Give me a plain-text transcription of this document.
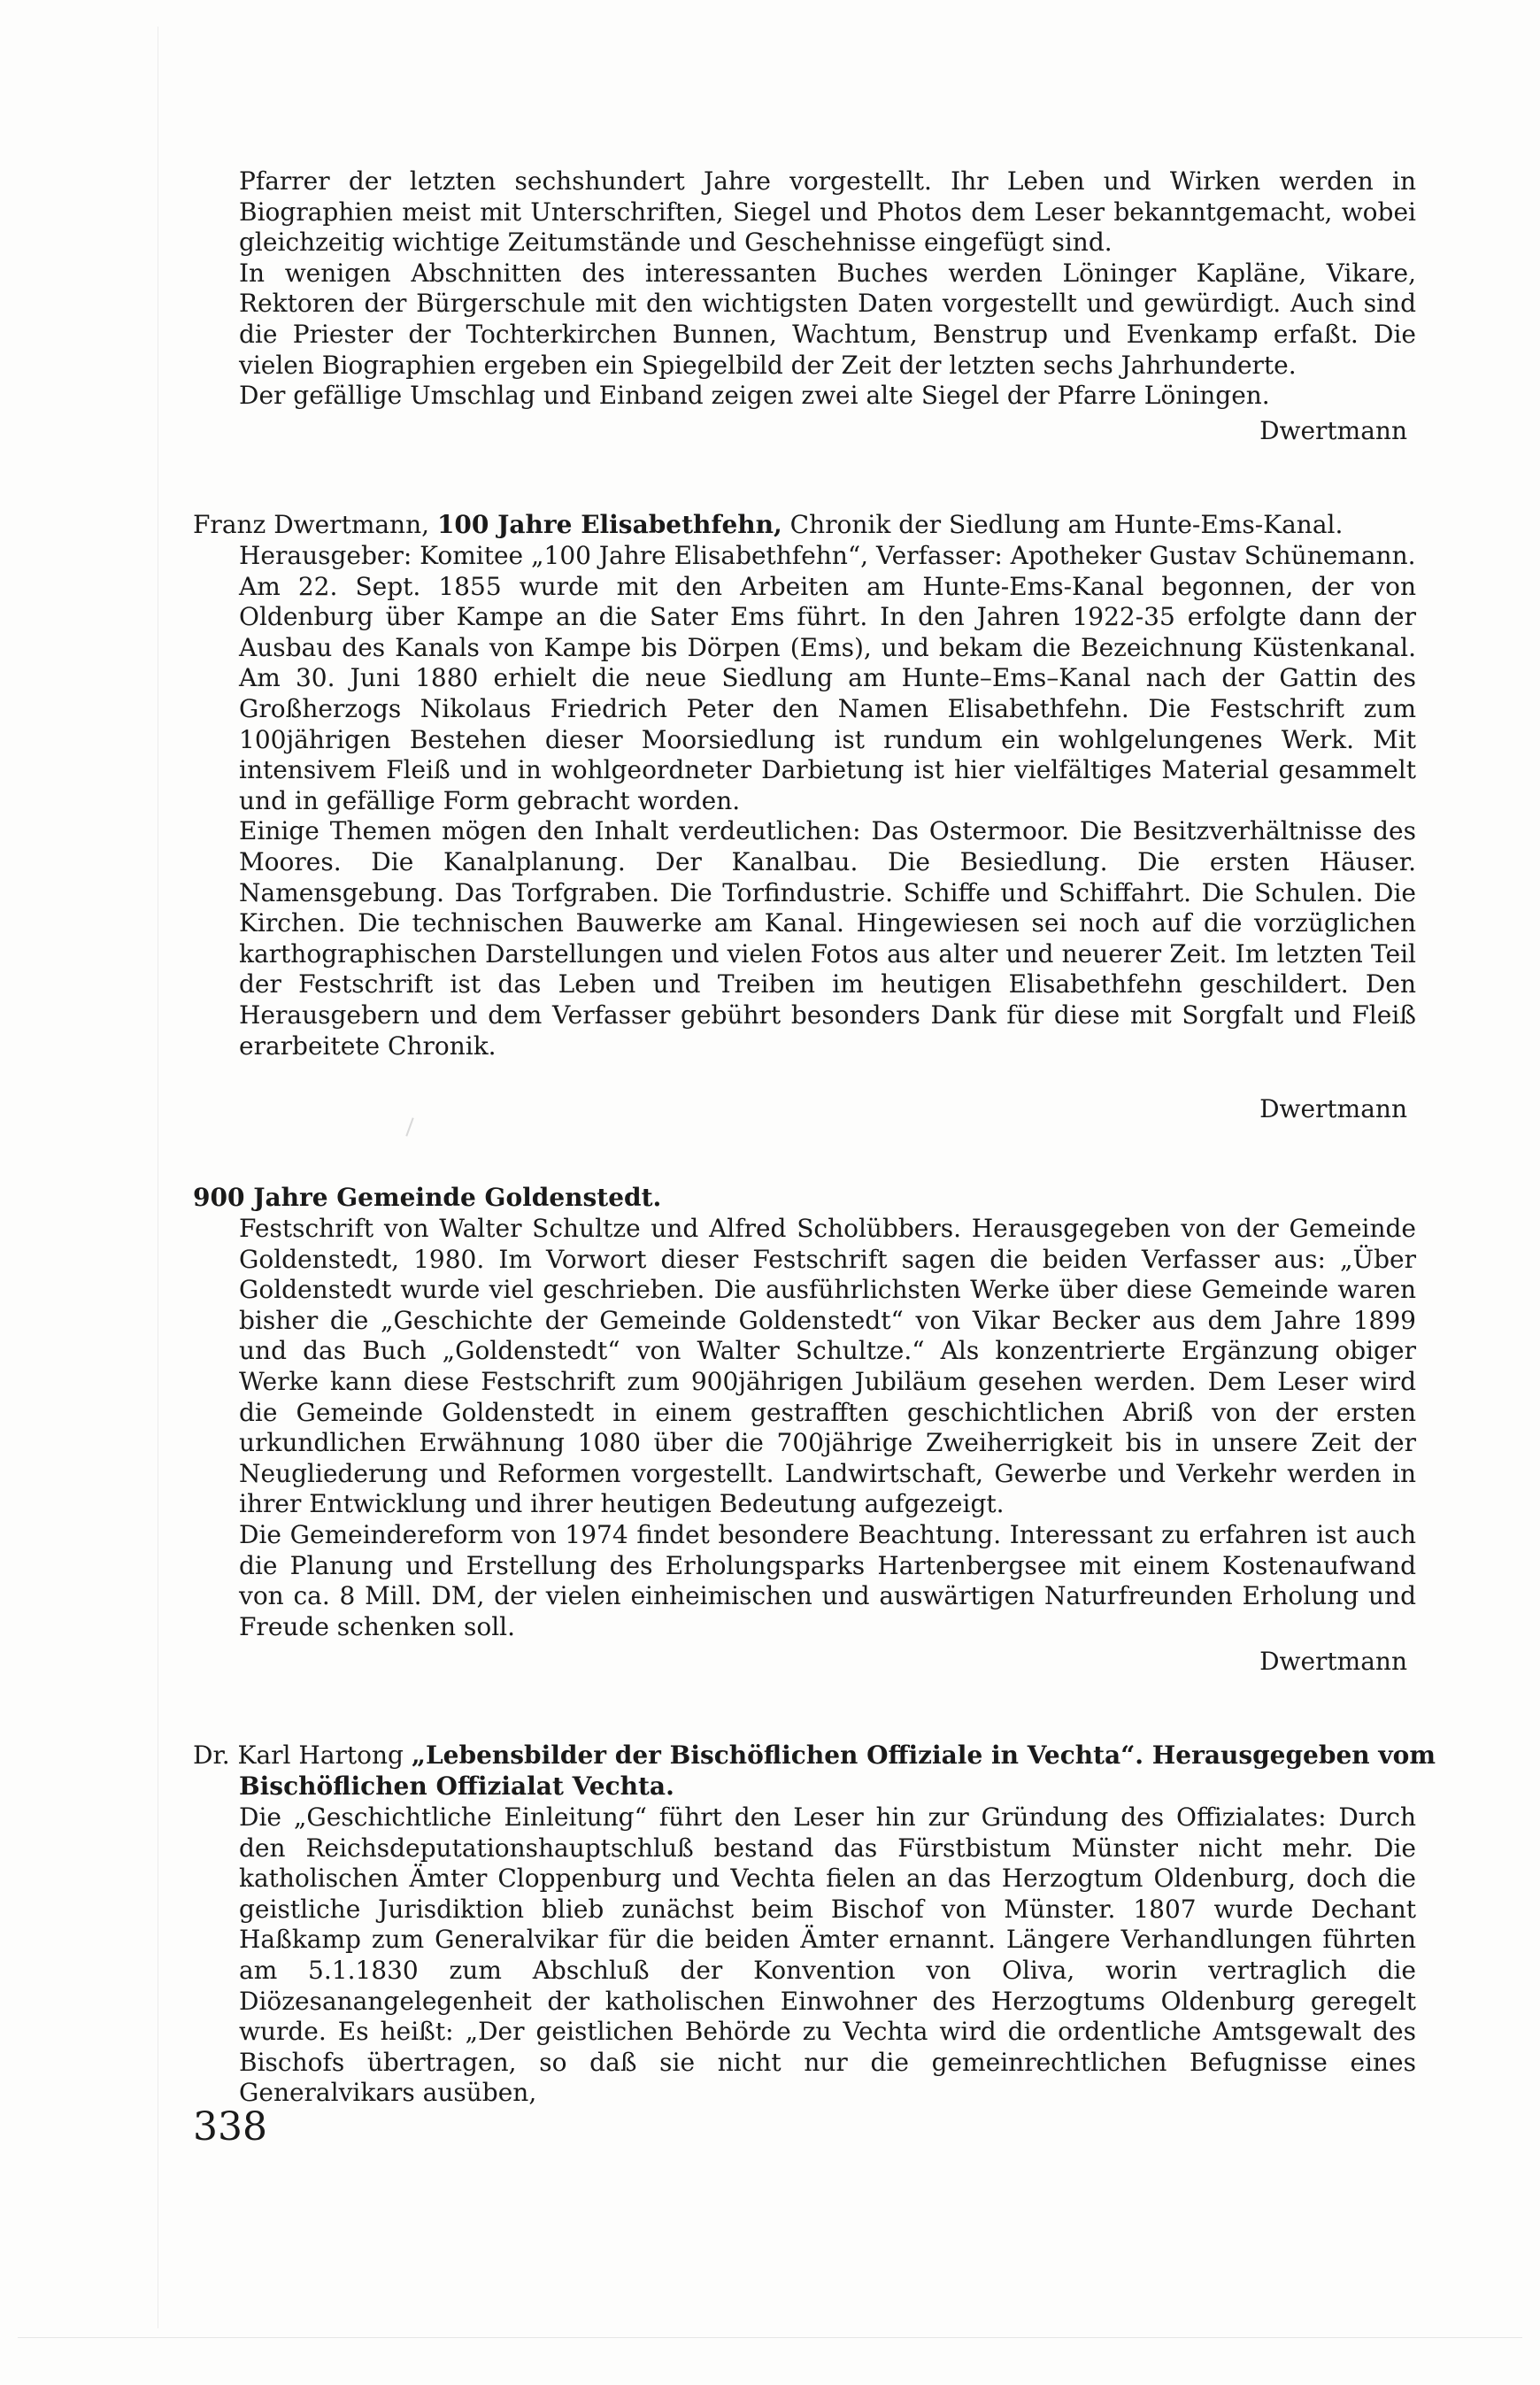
Pfarrer der letzten sechshundert Jahre vorgestellt. Ihr Leben und Wirken werden in Biographien meist mit Unterschriften, Siegel und Photos dem Leser bekanntgemacht, wobei gleichzeitig wichtige Zeitumstände und Geschehnisse eingefügt sind.

In wenigen Abschnitten des interessanten Buches werden Löninger Kapläne, Vikare, Rektoren der Bürgerschule mit den wichtigsten Daten vorgestellt und gewürdigt. Auch sind die Priester der Tochterkirchen Bunnen, Wachtum, Benstrup und Evenkamp erfaßt. Die vielen Biographien ergeben ein Spiegelbild der Zeit der letzten sechs Jahrhunderte.

Der gefällige Umschlag und Einband zeigen zwei alte Siegel der Pfarre Löningen.

Dwertmann

Franz Dwertmann, 100 Jahre Elisabethfehn, Chronik der Siedlung am Hunte-Ems-Kanal.

Herausgeber: Komitee „100 Jahre Elisabethfehn“, Verfasser: Apotheker Gustav Schünemann.

Am 22. Sept. 1855 wurde mit den Arbeiten am Hunte-Ems-Kanal begonnen, der von Oldenburg über Kampe an die Sater Ems führt. In den Jahren 1922-35 erfolgte dann der Ausbau des Kanals von Kampe bis Dörpen (Ems), und bekam die Bezeichnung Küstenkanal. Am 30. Juni 1880 erhielt die neue Siedlung am Hunte–Ems–Kanal nach der Gattin des Großherzogs Nikolaus Friedrich Peter den Namen Elisabethfehn. Die Festschrift zum 100jährigen Bestehen dieser Moorsiedlung ist rundum ein wohlgelungenes Werk. Mit intensivem Fleiß und in wohlgeordneter Darbietung ist hier vielfältiges Material gesammelt und in gefällige Form gebracht worden.

Einige Themen mögen den Inhalt verdeutlichen: Das Ostermoor. Die Besitzverhältnisse des Moores. Die Kanalplanung. Der Kanalbau. Die Besiedlung. Die ersten Häuser. Namensgebung. Das Torfgraben. Die Torfindustrie. Schiffe und Schiffahrt. Die Schulen. Die Kirchen. Die technischen Bauwerke am Kanal. Hingewiesen sei noch auf die vorzüglichen karthographischen Darstellungen und vielen Fotos aus alter und neuerer Zeit. Im letzten Teil der Festschrift ist das Leben und Treiben im heutigen Elisabethfehn geschildert. Den Herausgebern und dem Verfasser gebührt besonders Dank für diese mit Sorgfalt und Fleiß erarbeitete Chronik.

Dwertmann

900 Jahre Gemeinde Goldenstedt.

Festschrift von Walter Schultze und Alfred Scholübbers. Herausgegeben von der Gemeinde Goldenstedt, 1980. Im Vorwort dieser Festschrift sagen die beiden Verfasser aus: „Über Goldenstedt wurde viel geschrieben. Die ausführlichsten Werke über diese Gemeinde waren bisher die „Geschichte der Gemeinde Goldenstedt“ von Vikar Becker aus dem Jahre 1899 und das Buch „Goldenstedt“ von Walter Schultze.“ Als konzentrierte Ergänzung obiger Werke kann diese Festschrift zum 900jährigen Jubiläum gesehen werden. Dem Leser wird die Gemeinde Goldenstedt in einem gestrafften geschichtlichen Abriß von der ersten urkundlichen Erwähnung 1080 über die 700jährige Zweiherrigkeit bis in unsere Zeit der Neugliederung und Reformen vorgestellt. Landwirtschaft, Gewerbe und Verkehr werden in ihrer Entwicklung und ihrer heutigen Bedeutung aufgezeigt.

Die Gemeindereform von 1974 findet besondere Beachtung. Interessant zu erfahren ist auch die Planung und Erstellung des Erholungsparks Hartenbergsee mit einem Kostenaufwand von ca. 8 Mill. DM, der vielen einheimischen und auswärtigen Naturfreunden Erholung und Freude schenken soll.

Dwertmann

Dr. Karl Hartong „Lebensbilder der Bischöflichen Offiziale in Vechta“. Herausgegeben vom Bischöflichen Offizialat Vechta.

Die „Geschichtliche Einleitung“ führt den Leser hin zur Gründung des Offizialates: Durch den Reichsdeputationshauptschluß bestand das Fürstbistum Münster nicht mehr. Die katholischen Ämter Cloppenburg und Vechta fielen an das Herzogtum Oldenburg, doch die geistliche Jurisdiktion blieb zunächst beim Bischof von Münster. 1807 wurde Dechant Haßkamp zum Generalvikar für die beiden Ämter ernannt. Längere Verhandlungen führten am 5.1.1830 zum Abschluß der Konvention von Oliva, worin vertraglich die Diözesanangelegenheit der katholischen Einwohner des Herzogtums Oldenburg geregelt wurde. Es heißt: „Der geistlichen Behörde zu Vechta wird die ordentliche Amtsgewalt des Bischofs übertragen, so daß sie nicht nur die gemeinrechtlichen Befugnisse eines Generalvikars ausüben,

338
